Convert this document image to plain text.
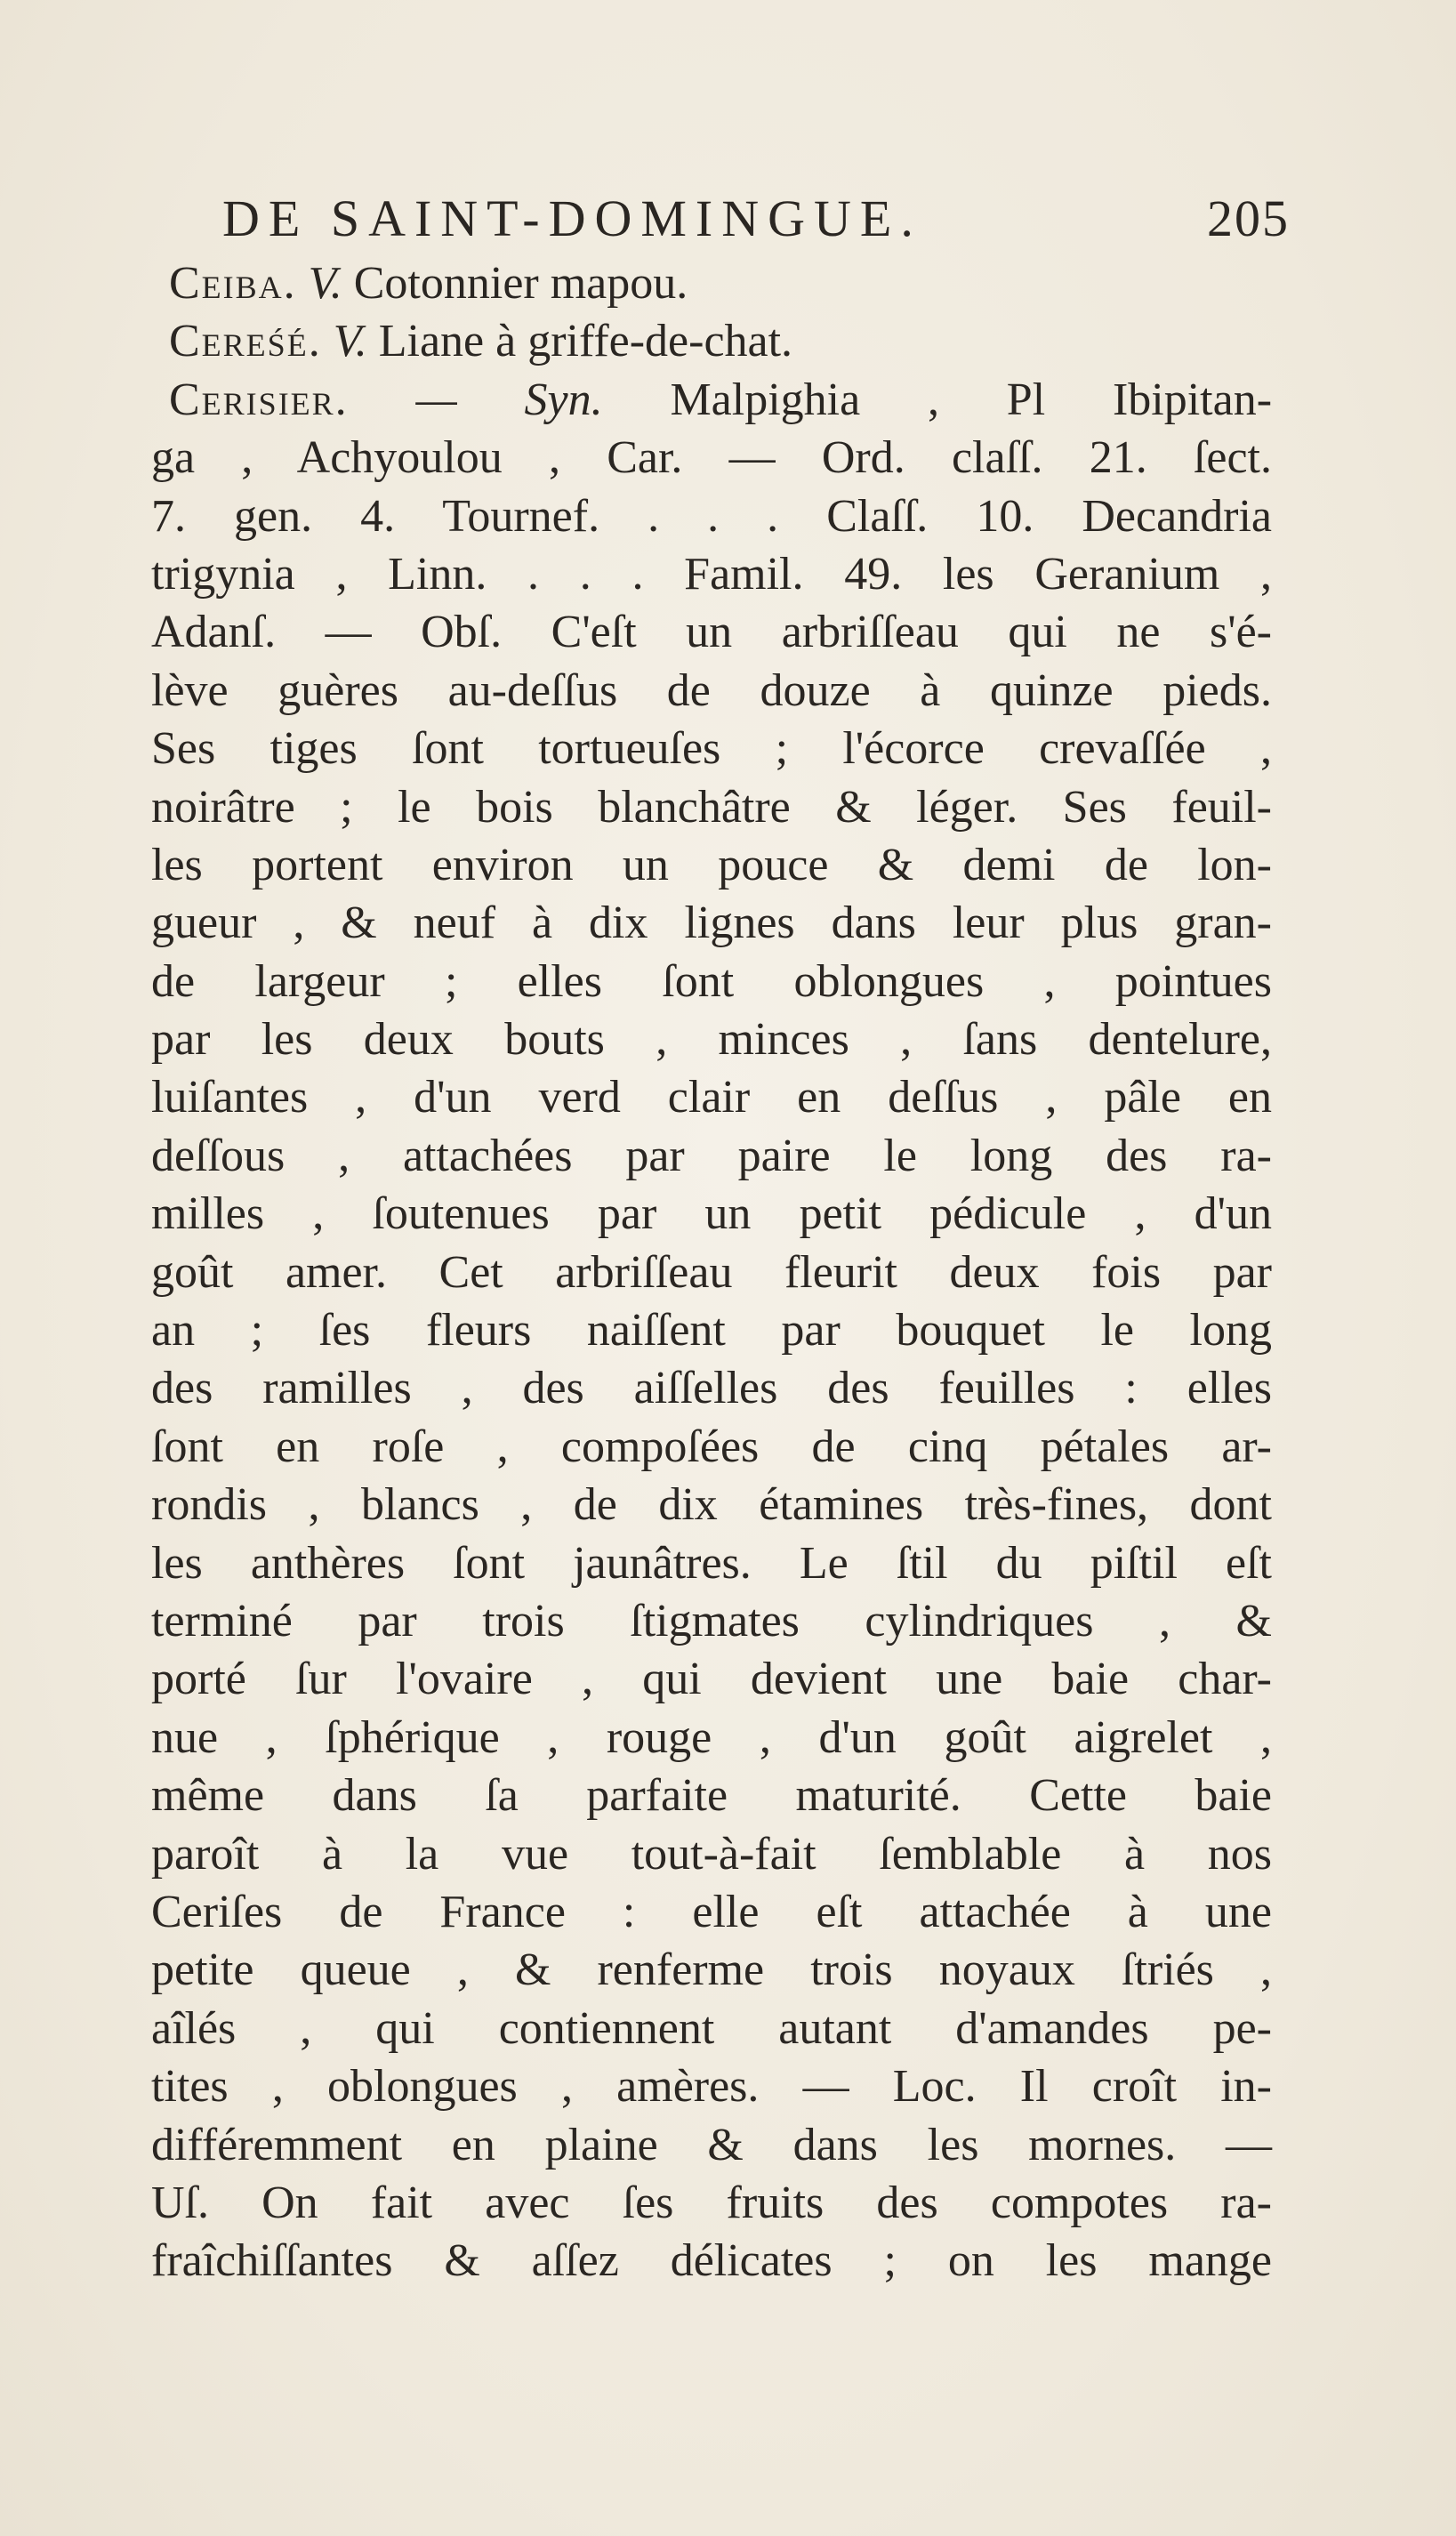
DE SAINT-DOMINGUE.	205
Ceiba. V. Cotonnier mapou.
Cereśé. V. Liane à griffe-de-chat.
Cerisier. — Syn. Malpighia , Pl Ibipitan-
ga , Achyoulou , Car. — Ord. claſſ. 21. ſect.
7. gen. 4. Tournef. . . . Claſſ. 10. Decandria
trigynia , Linn. . . . Famil. 49. les Geranium ,
Adanſ. — Obſ. C'eſt un arbriſſeau qui ne s'é-
lève guères au-deſſus de douze à quinze pieds.
Ses tiges ſont tortueuſes ; l'écorce crevaſſée ,
noirâtre ; le bois blanchâtre & léger. Ses feuil-
les portent environ un pouce & demi de lon-
gueur , & neuf à dix lignes dans leur plus gran-
de largeur ; elles ſont oblongues , pointues
par les deux bouts , minces , ſans dentelure,
luiſantes , d'un verd clair en deſſus , pâle en
deſſous , attachées par paire le long des ra-
milles , ſoutenues par un petit pédicule , d'un
goût amer. Cet arbriſſeau fleurit deux fois par
an ; ſes fleurs naiſſent par bouquet le long
des ramilles , des aiſſelles des feuilles : elles
ſont en roſe , compoſées de cinq pétales ar-
rondis , blancs , de dix étamines très-fines, dont
les anthères ſont jaunâtres. Le ſtil du piſtil eſt
terminé par trois ſtigmates cylindriques , &
porté ſur l'ovaire , qui devient une baie char-
nue , ſphérique , rouge , d'un goût aigrelet ,
même dans ſa parfaite maturité. Cette baie
paroît à la vue tout-à-fait ſemblable à nos
Ceriſes de France : elle eſt attachée à une
petite queue , & renferme trois noyaux ſtriés ,
aîlés , qui contiennent autant d'amandes pe-
tites , oblongues , amères. — Loc. Il croît in-
différemment en plaine & dans les mornes. —
Uſ. On fait avec ſes fruits des compotes ra-
fraîchiſſantes & aſſez délicates ; on les mange
